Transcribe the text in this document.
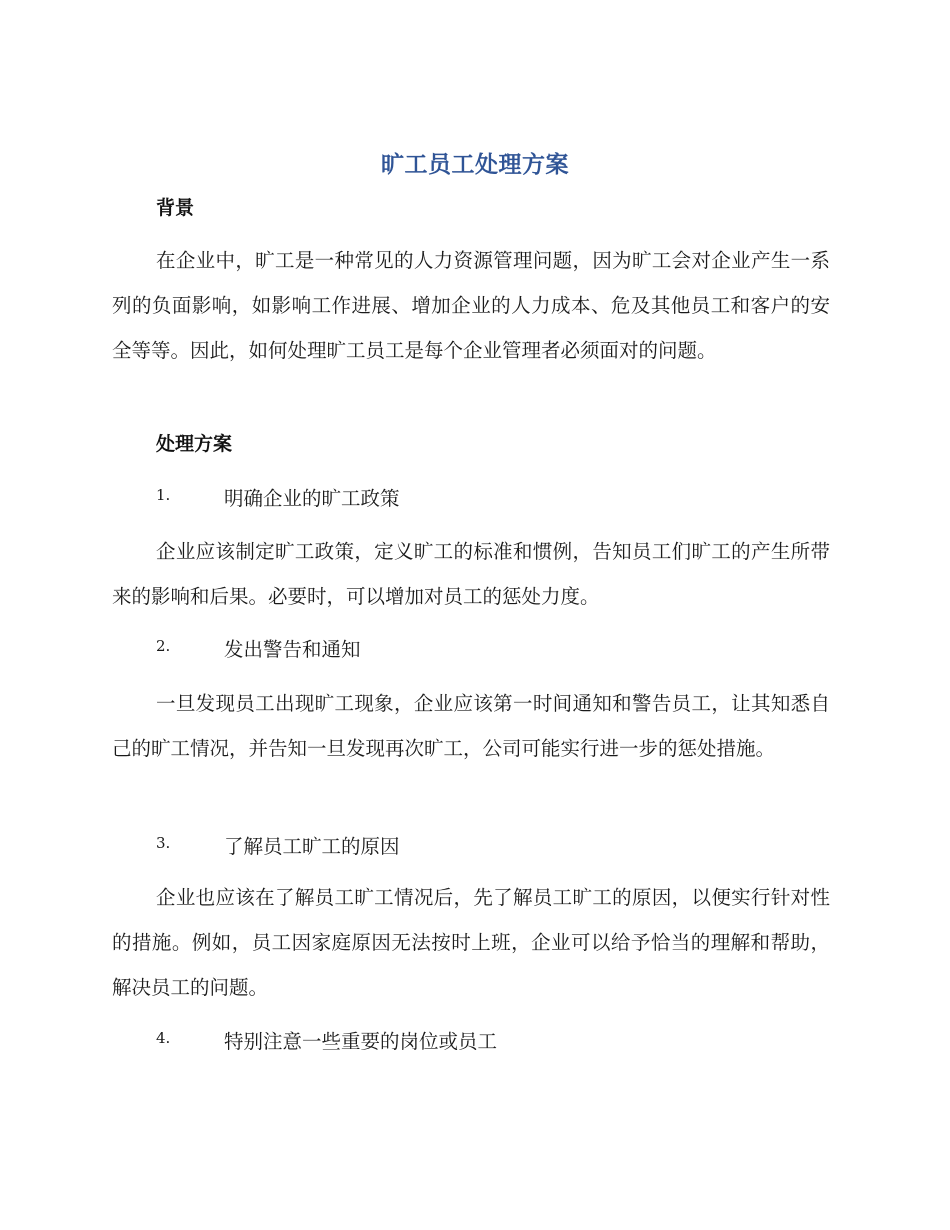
旷工员工处理方案
背景

在企业中，旷工是一种常见的人力资源管理问题，因为旷工会对企业产生一系列的负面影响，如影响工作进展、增加企业的人力成本、危及其他员工和客户的安全等等。因此，如何处理旷工员工是每个企业管理者必须面对的问题。

处理方案
1.	明确企业的旷工政策

企业应该制定旷工政策，定义旷工的标准和惯例，告知员工们旷工的产生所带来的影响和后果。必要时，可以增加对员工的惩处力度。

2.	发出警告和通知

一旦发现员工出现旷工现象，企业应该第一时间通知和警告员工，让其知悉自己的旷工情况，并告知一旦发现再次旷工，公司可能实行进一步的惩处措施。

3.	了解员工旷工的原因

企业也应该在了解员工旷工情况后，先了解员工旷工的原因，以便实行针对性的措施。例如，员工因家庭原因无法按时上班，企业可以给予恰当的理解和帮助，解决员工的问题。

4.	特别注意一些重要的岗位或员工
